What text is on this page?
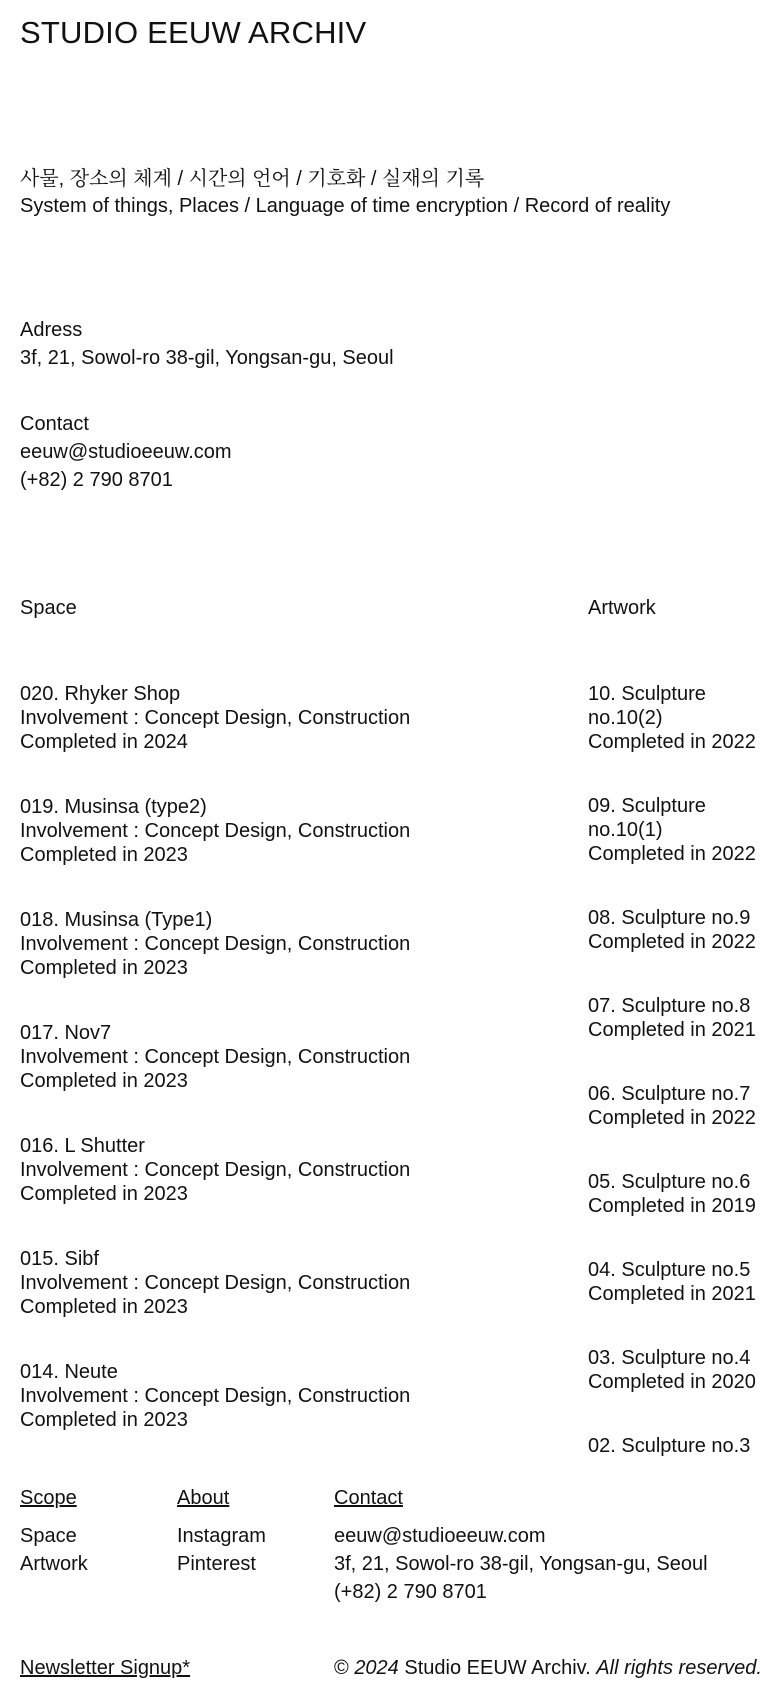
STUDIO EEUW ARCHIV
사물, 장소의 체계 / 시간의 언어 / 기호화 / 실재의 기록
System of things, Places / Language of time encryption / Record of reality
Adress
3f, 21, Sowol-ro 38-gil, Yongsan-gu, Seoul
Contact
eeuw@studioeeuw.com
(+82) 2 790 8701
Space	Artwork
020. Rhyker Shop
Involvement : Concept Design, Construction
Completed in 2024
019. Musinsa (type2)
Involvement : Concept Design, Construction
Completed in 2023
018. Musinsa (Type1)
Involvement : Concept Design, Construction
Completed in 2023
017. Nov7
Involvement : Concept Design, Construction
Completed in 2023
016. L Shutter
Involvement : Concept Design, Construction
Completed in 2023
015. Sibf
Involvement : Concept Design, Construction
Completed in 2023
014. Neute
Involvement : Concept Design, Construction
Completed in 2023
10. Sculpture no.10(2)
Completed in 2022
09. Sculpture no.10(1)
Completed in 2022
08. Sculpture no.9
Completed in 2022
07. Sculpture no.8
Completed in 2021
06. Sculpture no.7
Completed in 2022
05. Sculpture no.6
Completed in 2019
04. Sculpture no.5
Completed in 2021
03. Sculpture no.4
Completed in 2020
02. Sculpture no.3
Scope
Space
Artwork
About
Instagram
Pinterest
Contact
eeuw@studioeeuw.com
3f, 21, Sowol-ro 38-gil, Yongsan-gu, Seoul
(+82) 2 790 8701
Newsletter Signup*	© 2024 Studio EEUW Archiv. All rights reserved.
